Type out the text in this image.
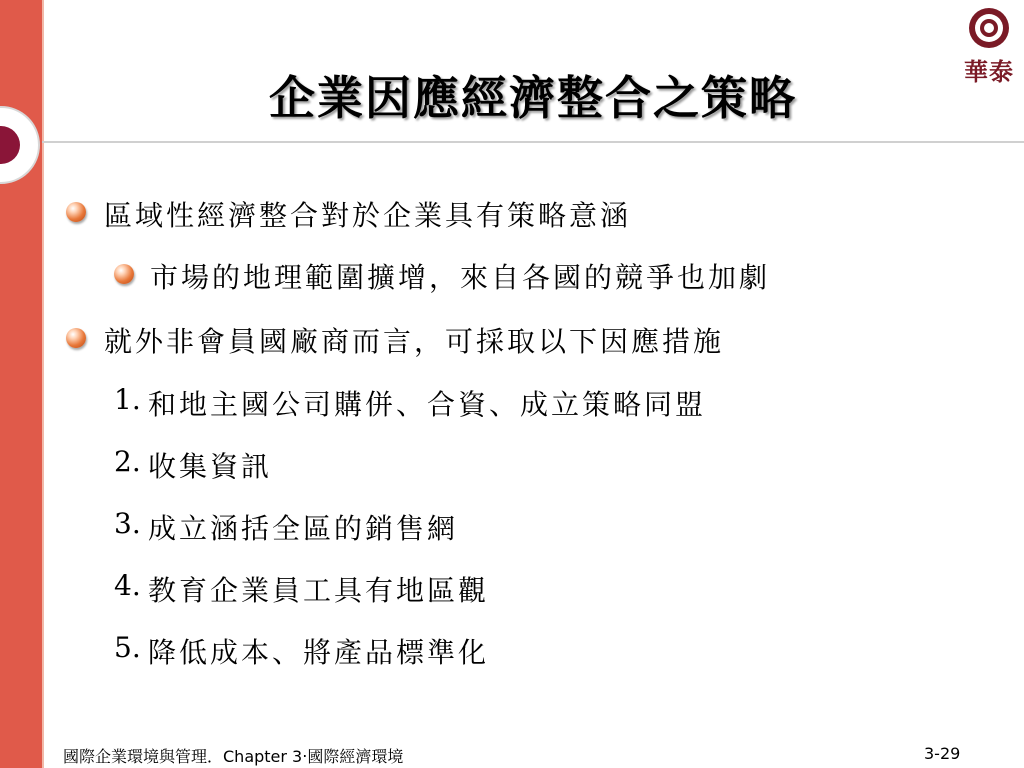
華泰
企業因應經濟整合之策略
區域性經濟整合對於企業具有策略意涵
市場的地理範圍擴增，來自各國的競爭也加劇
就外非會員國廠商而言，可採取以下因應措施
1. 和地主國公司購併、合資、成立策略同盟
2. 收集資訊
3. 成立涵括全區的銷售網
4. 教育企業員工具有地區觀
5. 降低成本、將產品標準化
國際企業環境與管理．Chapter 3‧國際經濟環境	3-29
